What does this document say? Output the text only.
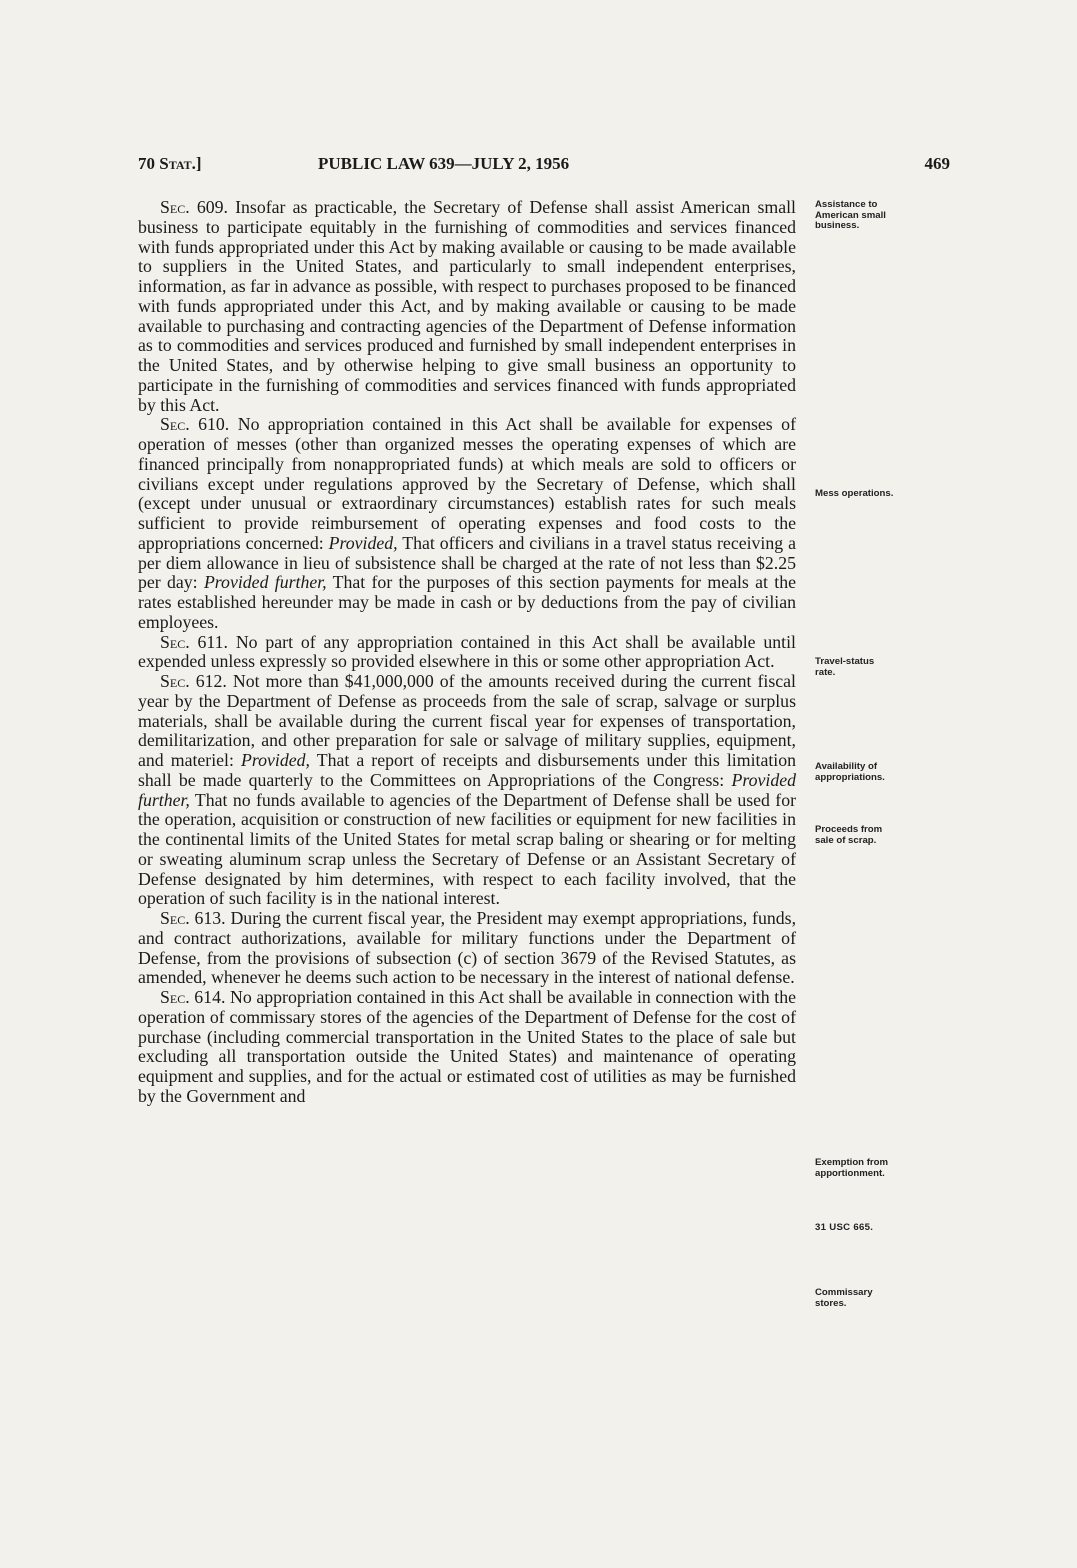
70 Stat.]	PUBLIC LAW 639—JULY 2, 1956	469

Sec. 609. Insofar as practicable, the Secretary of Defense shall assist American small business to participate equitably in the furnishing of commodities and services financed with funds appropriated under this Act by making available or causing to be made available to suppliers in the United States, and particularly to small independent enterprises, information, as far in advance as possible, with respect to purchases proposed to be financed with funds appropriated under this Act, and by making available or causing to be made available to purchasing and contracting agencies of the Department of Defense information as to commodities and services produced and furnished by small independent enterprises in the United States, and by otherwise helping to give small business an opportunity to participate in the furnishing of commodities and services financed with funds appropriated by this Act.

Sec. 610. No appropriation contained in this Act shall be available for expenses of operation of messes (other than organized messes the operating expenses of which are financed principally from nonappropriated funds) at which meals are sold to officers or civilians except under regulations approved by the Secretary of Defense, which shall (except under unusual or extraordinary circumstances) establish rates for such meals sufficient to provide reimbursement of operating expenses and food costs to the appropriations concerned: Provided, That officers and civilians in a travel status receiving a per diem allowance in lieu of subsistence shall be charged at the rate of not less than $2.25 per day: Provided further, That for the purposes of this section payments for meals at the rates established hereunder may be made in cash or by deductions from the pay of civilian employees.

Sec. 611. No part of any appropriation contained in this Act shall be available until expended unless expressly so provided elsewhere in this or some other appropriation Act.

Sec. 612. Not more than $41,000,000 of the amounts received during the current fiscal year by the Department of Defense as proceeds from the sale of scrap, salvage or surplus materials, shall be available during the current fiscal year for expenses of transportation, demilitarization, and other preparation for sale or salvage of military supplies, equipment, and materiel: Provided, That a report of receipts and disbursements under this limitation shall be made quarterly to the Committees on Appropriations of the Congress: Provided further, That no funds available to agencies of the Department of Defense shall be used for the operation, acquisition or construction of new facilities or equipment for new facilities in the continental limits of the United States for metal scrap baling or shearing or for melting or sweating aluminum scrap unless the Secretary of Defense or an Assistant Secretary of Defense designated by him determines, with respect to each facility involved, that the operation of such facility is in the national interest.

Sec. 613. During the current fiscal year, the President may exempt appropriations, funds, and contract authorizations, available for military functions under the Department of Defense, from the provisions of subsection (c) of section 3679 of the Revised Statutes, as amended, whenever he deems such action to be necessary in the interest of national defense.

Sec. 614. No appropriation contained in this Act shall be available in connection with the operation of commissary stores of the agencies of the Department of Defense for the cost of purchase (including commercial transportation in the United States to the place of sale but excluding all transportation outside the United States) and maintenance of operating equipment and supplies, and for the actual or estimated cost of utilities as may be furnished by the Government and

Assistance to
American small
business.
Mess operations.
Travel-status
rate.
Availability of
appropriations.
Proceeds from
sale of scrap.
Exemption from
apportionment.
31 USC 665.
Commissary
stores.
